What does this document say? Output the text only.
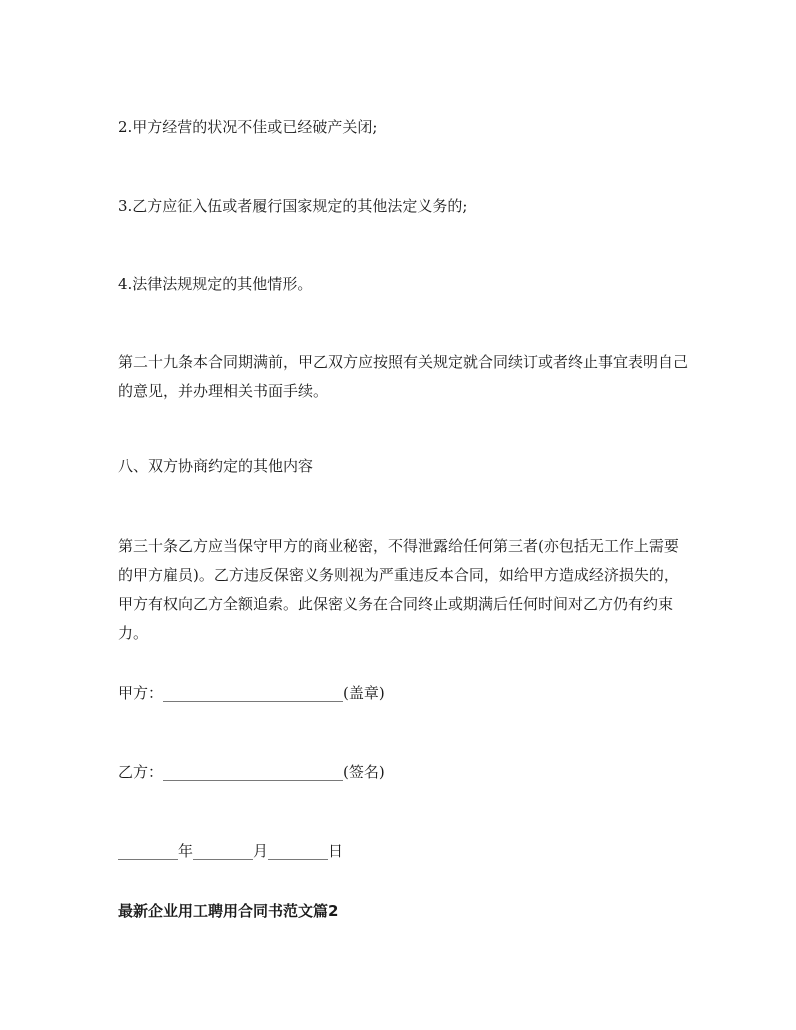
2.甲方经营的状况不佳或已经破产关闭;

3.乙方应征入伍或者履行国家规定的其他法定义务的;

4.法律法规规定的其他情形。

第二十九条本合同期满前，甲乙双方应按照有关规定就合同续订或者终止事宜表明自己的意见，并办理相关书面手续。

八、双方协商约定的其他内容

第三十条乙方应当保守甲方的商业秘密，不得泄露给任何第三者(亦包括无工作上需要的甲方雇员)。乙方违反保密义务则视为严重违反本合同，如给甲方造成经济损失的，甲方有权向乙方全额追索。此保密义务在合同终止或期满后任何时间对乙方仍有约束力。

甲方：________________________(盖章)

乙方：________________________(签名)

________年________月________日

最新企业用工聘用合同书范文篇2
